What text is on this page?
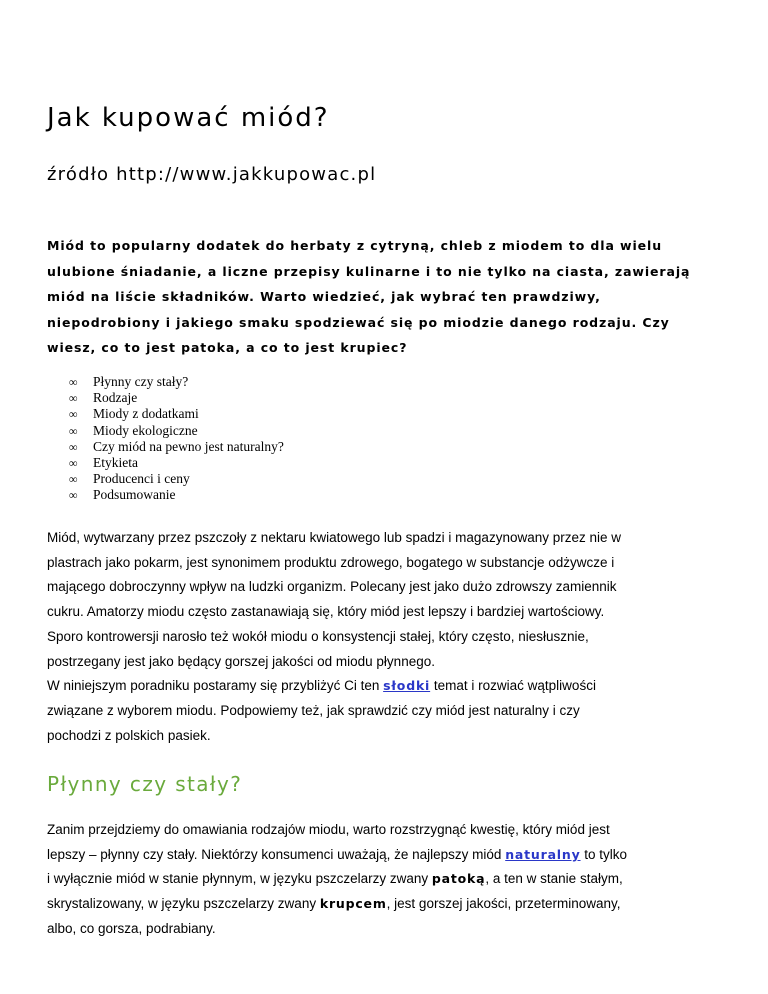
Jak kupować miód?
źródło http://www.jakkupowac.pl

Miód to popularny dodatek do herbaty z cytryną, chleb z miodem to dla wielu
ulubione śniadanie, a liczne przepisy kulinarne i to nie tylko na ciasta, zawierają
miód na liście składników. Warto wiedzieć, jak wybrać ten prawdziwy,
niepodrobiony i jakiego smaku spodziewać się po miodzie danego rodzaju. Czy
wiesz, co to jest patoka, a co to jest krupiec?

∞ Płynny czy stały?
∞ Rodzaje
∞ Miody z dodatkami
∞ Miody ekologiczne
∞ Czy miód na pewno jest naturalny?
∞ Etykieta
∞ Producenci i ceny
∞ Podsumowanie

Miód, wytwarzany przez pszczoły z nektaru kwiatowego lub spadzi i magazynowany przez nie w
plastrach jako pokarm, jest synonimem produktu zdrowego, bogatego w substancje odżywcze i
mającego dobroczynny wpływ na ludzki organizm. Polecany jest jako dużo zdrowszy zamiennik
cukru. Amatorzy miodu często zastanawiają się, który miód jest lepszy i bardziej wartościowy.
Sporo kontrowersji narosło też wokół miodu o konsystencji stałej, który często, niesłusznie,
postrzegany jest jako będący gorszej jakości od miodu płynnego.
W niniejszym poradniku postaramy się przybliżyć Ci ten słodki temat i rozwiać wątpliwości
związane z wyborem miodu. Podpowiemy też, jak sprawdzić czy miód jest naturalny i czy
pochodzi z polskich pasiek.

Płynny czy stały?

Zanim przejdziemy do omawiania rodzajów miodu, warto rozstrzygnąć kwestię, który miód jest
lepszy – płynny czy stały. Niektórzy konsumenci uważają, że najlepszy miód naturalny to tylko
i wyłącznie miód w stanie płynnym, w języku pszczelarzy zwany patoką, a ten w stanie stałym,
skrystalizowany, w języku pszczelarzy zwany krupcem, jest gorszej jakości, przeterminowany,
albo, co gorsza, podrabiany.
